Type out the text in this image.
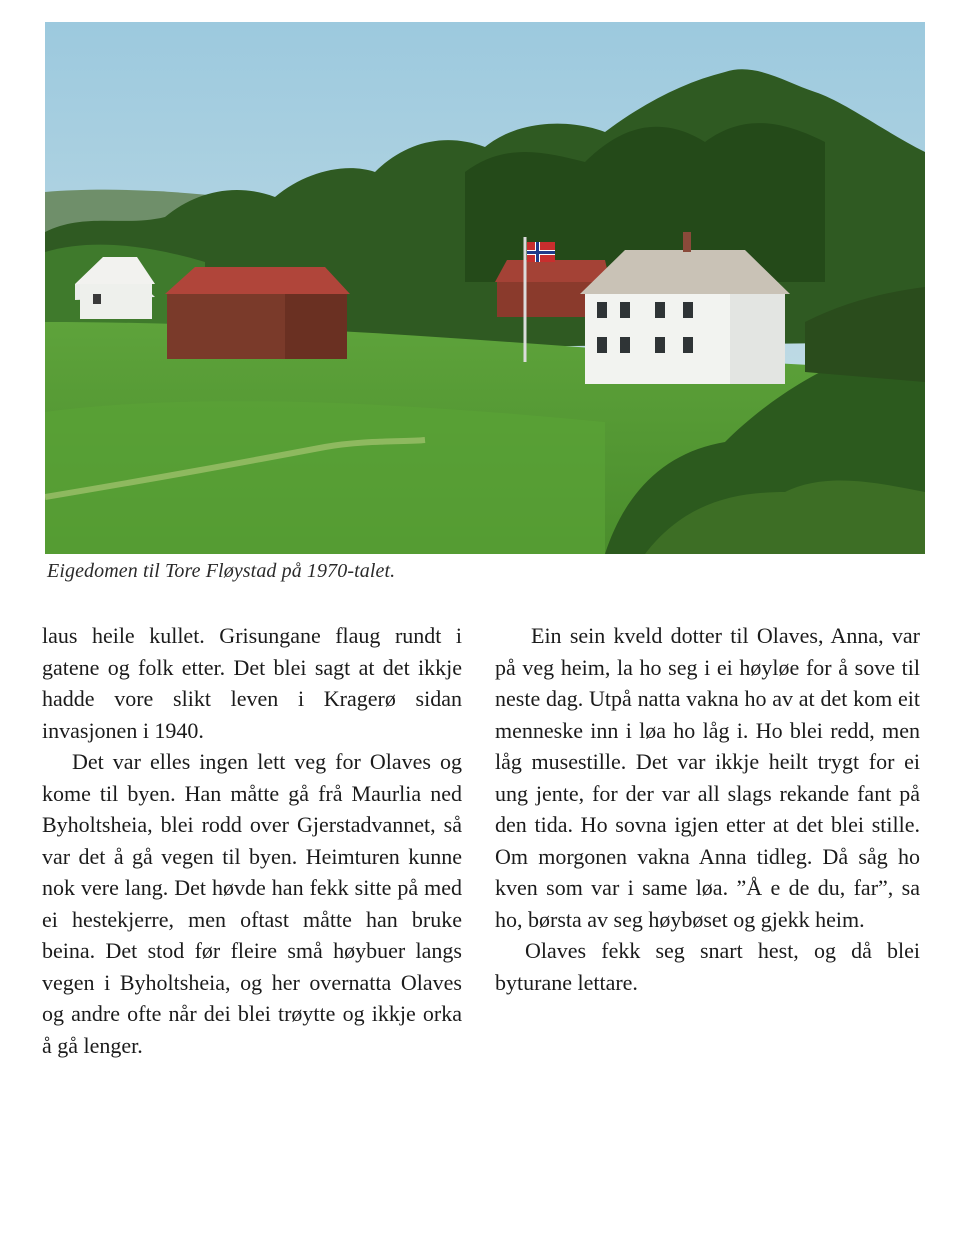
Eigedomen til Tore Fløystad på 1970-talet.

laus heile kullet. Grisungane flaug rundt i gatene og folk etter. Det blei sagt at det ikkje hadde vore slikt leven i Kragerø sidan invasjonen i 1940.

Det var elles ingen lett veg for Olaves og kome til byen. Han måtte gå frå Maurlia ned Byholtsheia, blei rodd over Gjerstadvannet, så var det å gå vegen til byen. Heimturen kunne nok vere lang. Det høvde han fekk sitte på med ei hestekjerre, men oftast måtte han bruke beina. Det stod før fleire små høybuer langs vegen i Byholtsheia, og her overnatta Olaves og andre ofte når dei blei trøytte og ikkje orka å gå lenger.

Ein sein kveld dotter til Olaves, Anna, var på veg heim, la ho seg i ei høyløe for å sove til neste dag. Utpå natta vakna ho av at det kom eit menneske inn i løa ho låg i. Ho blei redd, men låg musestille. Det var ikkje heilt trygt for ei ung jente, for der var all slags rekande fant på den tida. Ho sovna igjen etter at det blei stille. Om morgonen vakna Anna tidleg. Då såg ho kven som var i same løa. ”Å e de du, far”, sa ho, børsta av seg høybøset og gjekk heim.

Olaves fekk seg snart hest, og då blei byturane lettare.
